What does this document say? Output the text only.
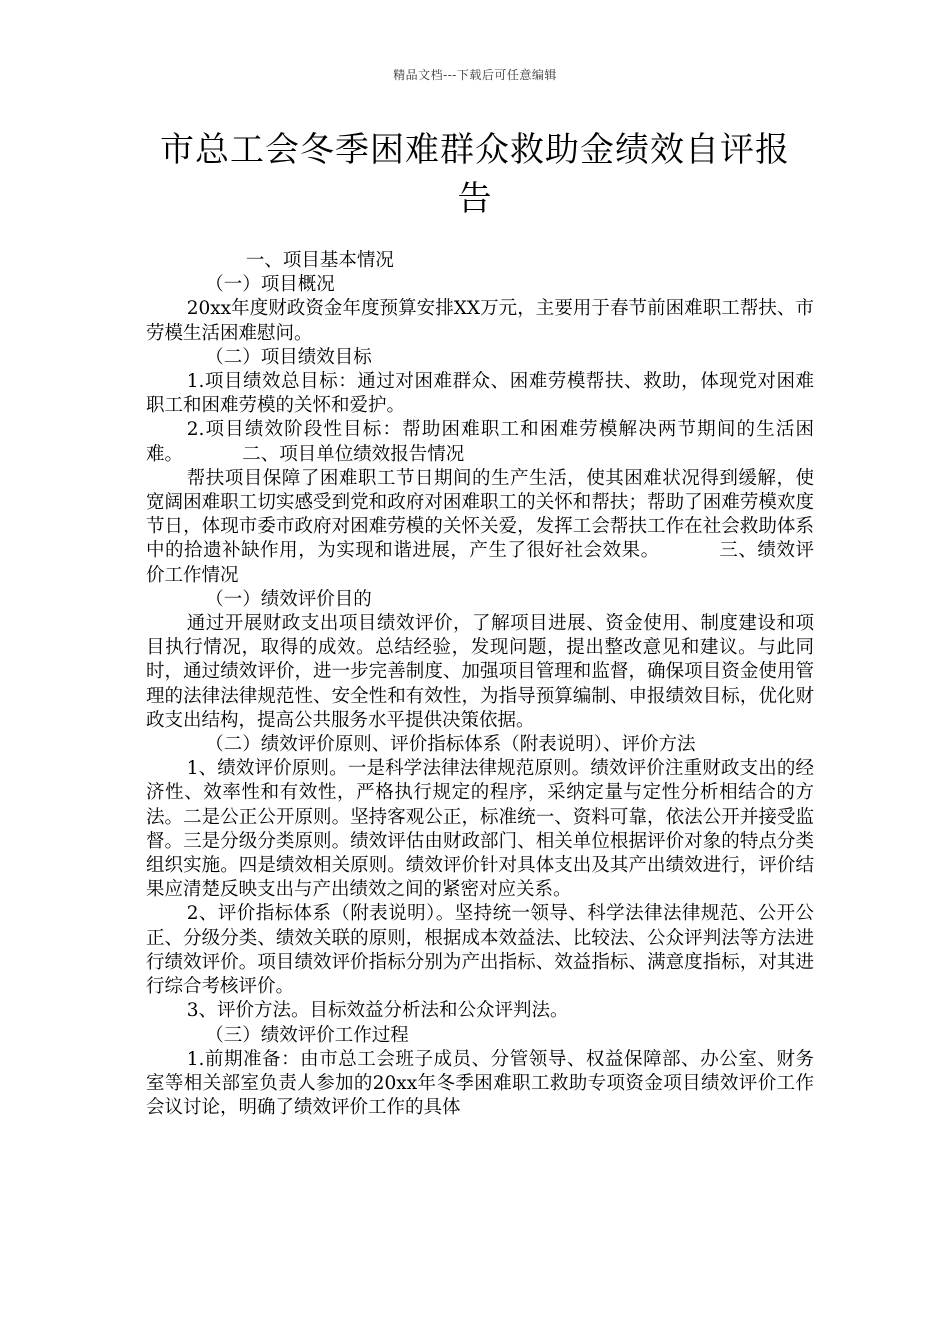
精品文档---下载后可任意编辑
市总工会冬季困难群众救助金绩效自评报告

一、项目基本情况

（一）项目概况

20xx年度财政资金年度预算安排XX万元，主要用于春节前困难职工帮扶、市劳模生活困难慰问。

（二）项目绩效目标

1.项目绩效总目标：通过对困难群众、困难劳模帮扶、救助，体现党对困难职工和困难劳模的关怀和爱护。

2.项目绩效阶段性目标：帮助困难职工和困难劳模解决两节期间的生活困难。	二、项目单位绩效报告情况

帮扶项目保障了困难职工节日期间的生产生活，使其困难状况得到缓解，使宽阔困难职工切实感受到党和政府对困难职工的关怀和帮扶；帮助了困难劳模欢度节日，体现市委市政府对困难劳模的关怀关爱，发挥工会帮扶工作在社会救助体系中的拾遗补缺作用，为实现和谐进展，产生了很好社会效果。	三、绩效评价工作情况

（一）绩效评价目的

通过开展财政支出项目绩效评价，了解项目进展、资金使用、制度建设和项目执行情况，取得的成效。总结经验，发现问题，提出整改意见和建议。与此同时，通过绩效评价，进一步完善制度、加强项目管理和监督，确保项目资金使用管理的法律法律规范性、安全性和有效性，为指导预算编制、申报绩效目标，优化财政支出结构，提高公共服务水平提供决策依据。

（二）绩效评价原则、评价指标体系（附表说明）、评价方法

1、绩效评价原则。一是科学法律法律规范原则。绩效评价注重财政支出的经济性、效率性和有效性，严格执行规定的程序，采纳定量与定性分析相结合的方法。二是公正公开原则。坚持客观公正，标准统一、资料可靠，依法公开并接受监督。三是分级分类原则。绩效评估由财政部门、相关单位根据评价对象的特点分类组织实施。四是绩效相关原则。绩效评价针对具体支出及其产出绩效进行，评价结果应清楚反映支出与产出绩效之间的紧密对应关系。

2、评价指标体系（附表说明）。坚持统一领导、科学法律法律规范、公开公正、分级分类、绩效关联的原则，根据成本效益法、比较法、公众评判法等方法进行绩效评价。项目绩效评价指标分别为产出指标、效益指标、满意度指标，对其进行综合考核评价。

3、评价方法。目标效益分析法和公众评判法。

（三）绩效评价工作过程

1.前期准备：由市总工会班子成员、分管领导、权益保障部、办公室、财务室等相关部室负责人参加的20xx年冬季困难职工救助专项资金项目绩效评价工作会议讨论，明确了绩效评价工作的具体
